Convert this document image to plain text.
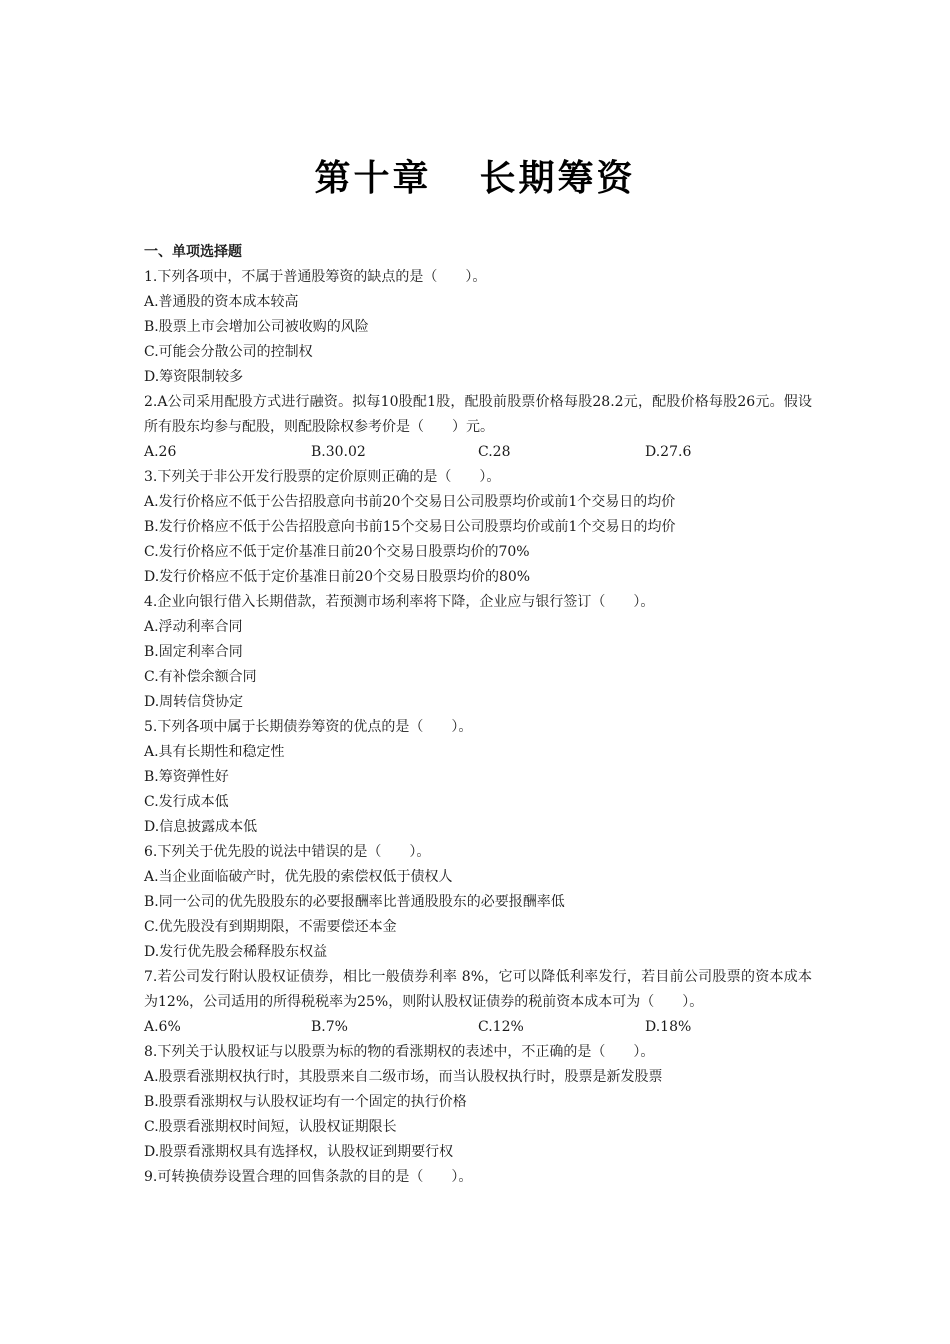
第十章 长期筹资
一、单项选择题
1.下列各项中，不属于普通股筹资的缺点的是（　　）。
A.普通股的资本成本较高
B.股票上市会增加公司被收购的风险
C.可能会分散公司的控制权
D.筹资限制较多
2.A公司采用配股方式进行融资。拟每10股配1股，配股前股票价格每股28.2元，配股价格每股26元。假设所有股东均参与配股，则配股除权参考价是（　　）元。
A.26	B.30.02	C.28	D.27.6
3.下列关于非公开发行股票的定价原则正确的是（　　）。
A.发行价格应不低于公告招股意向书前20个交易日公司股票均价或前1个交易日的均价
B.发行价格应不低于公告招股意向书前15个交易日公司股票均价或前1个交易日的均价
C.发行价格应不低于定价基准日前20个交易日股票均价的70%
D.发行价格应不低于定价基准日前20个交易日股票均价的80%
4.企业向银行借入长期借款，若预测市场利率将下降，企业应与银行签订（　　）。
A.浮动利率合同
B.固定利率合同
C.有补偿余额合同
D.周转信贷协定
5.下列各项中属于长期债券筹资的优点的是（　　）。
A.具有长期性和稳定性
B.筹资弹性好
C.发行成本低
D.信息披露成本低
6.下列关于优先股的说法中错误的是（　　）。
A.当企业面临破产时，优先股的索偿权低于债权人
B.同一公司的优先股股东的必要报酬率比普通股股东的必要报酬率低
C.优先股没有到期期限，不需要偿还本金
D.发行优先股会稀释股东权益
7.若公司发行附认股权证债券，相比一般债券利率 8%，它可以降低利率发行，若目前公司股票的资本成本为12%，公司适用的所得税税率为25%，则附认股权证债券的税前资本成本可为（　　）。
A.6%	B.7%	C.12%	D.18%
8.下列关于认股权证与以股票为标的物的看涨期权的表述中，不正确的是（　　）。
A.股票看涨期权执行时，其股票来自二级市场，而当认股权执行时，股票是新发股票
B.股票看涨期权与认股权证均有一个固定的执行价格
C.股票看涨期权时间短，认股权证期限长
D.股票看涨期权具有选择权，认股权证到期要行权
9.可转换债券设置合理的回售条款的目的是（　　）。
